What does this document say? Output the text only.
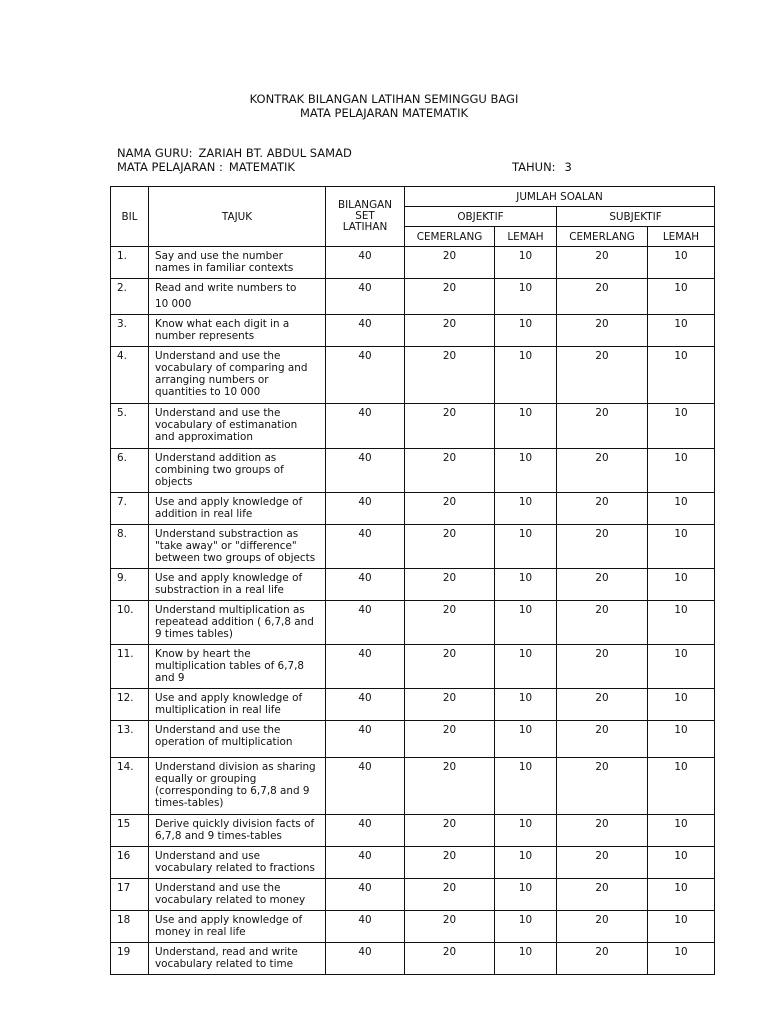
KONTRAK BILANGAN LATIHAN SEMINGGU BAGI
MATA PELAJARAN MATEMATIK
NAMA GURU: ZARIAH BT. ABDUL SAMAD
MATA PELAJARAN : MATEMATIK	TAHUN: 3
BIL	TAJUK	BILANGAN
SET
LATIHAN	JUMLAH SOALAN			
			OBJEKTIF		SUBJEKTIF	
			CEMERLANG	LEMAH	CEMERLANG	LEMAH
1.	Say and use the number
names in familiar contexts	40	20	10	20	10
2.	Read and write numbers to
10 000	40	20	10	20	10
3.	Know what each digit in a
number represents	40	20	10	20	10
4.	Understand and use the
vocabulary of comparing and
arranging numbers or
quantities to 10 000	40	20	10	20	10
5.	Understand and use the
vocabulary of estimanation
and approximation	40	20	10	20	10
6.	Understand addition as
combining two groups of
objects	40	20	10	20	10
7.	Use and apply knowledge of
addition in real life	40	20	10	20	10
8.	Understand substraction as
"take away" or "difference"
between two groups of objects	40	20	10	20	10
9.	Use and apply knowledge of
substraction in a real life	40	20	10	20	10
10.	Understand multiplication as
repeatead addition ( 6,7,8 and
9 times tables)	40	20	10	20	10
11.	Know by heart the
multiplication tables of 6,7,8
and 9	40	20	10	20	10
12.	Use and apply knowledge of
multiplication in real life	40	20	10	20	10
13.	Understand and use the
operation of multiplication	40	20	10	20	10
14.	Understand division as sharing
equally or grouping
(corresponding to 6,7,8 and 9
times-tables)	40	20	10	20	10
15	Derive quickly division facts of
6,7,8 and 9 times-tables	40	20	10	20	10
16	Understand and use
vocabulary related to fractions	40	20	10	20	10
17	Understand and use the
vocabulary related to money	40	20	10	20	10
18	Use and apply knowledge of
money in real life	40	20	10	20	10
19	Understand, read and write
vocabulary related to time	40	20	10	20	10
